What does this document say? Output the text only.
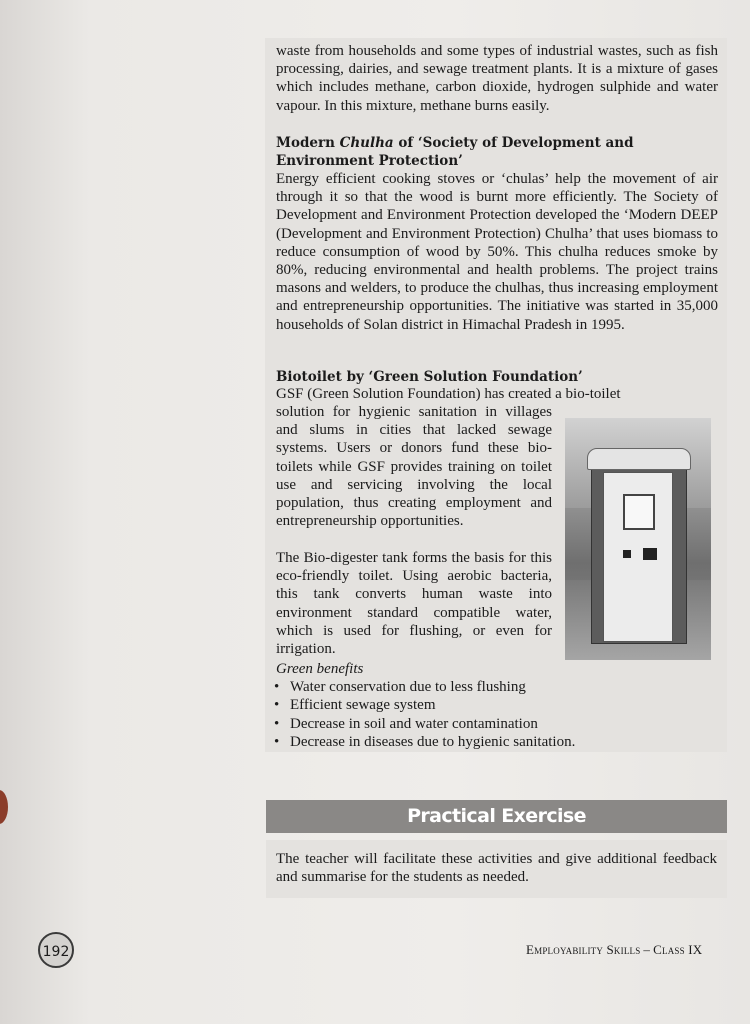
waste from households and some types of industrial wastes, such as fish processing, dairies, and sewage treatment plants. It is a mixture of gases which includes methane, carbon dioxide, hydrogen sulphide and water vapour. In this mixture, methane burns easily.

Modern Chulha of ‘Society of Development and Environment Protection’

Energy efficient cooking stoves or ‘chulas’ help the movement of air through it so that the wood is burnt more efficiently. The Society of Development and Environment Protection developed the ‘Modern DEEP (Development and Environment Protection) Chulha’ that uses biomass to reduce consumption of wood by 50%. This chulha reduces smoke by 80%, reducing environmental and health problems. The project trains masons and welders, to produce the chulhas, thus increasing employment and entrepreneurship opportunities. The initiative was started in 35,000 households of Solan district in Himachal Pradesh in 1995.

Biotoilet by ‘Green Solution Foundation’

GSF (Green Solution Foundation) has created a bio-toilet

solution for hygienic sanitation in villages and slums in cities that lacked sewage systems. Users or donors fund these bio-toilets while GSF provides training on toilet use and servicing involving the local population, thus creating employment and entrepreneurship opportunities.

The Bio-digester tank forms the basis for this eco-friendly toilet. Using aerobic bacteria, this tank converts human waste into environment standard compatible water, which is used for flushing, or even for irrigation.

Green benefits
• Water conservation due to less flushing
• Efficient sewage system
• Decrease in soil and water contamination
• Decrease in diseases due to hygienic sanitation.
Practical Exercise

The teacher will facilitate these activities and give additional feedback and summarise for the students as needed.

192	Employability Skills – Class IX
